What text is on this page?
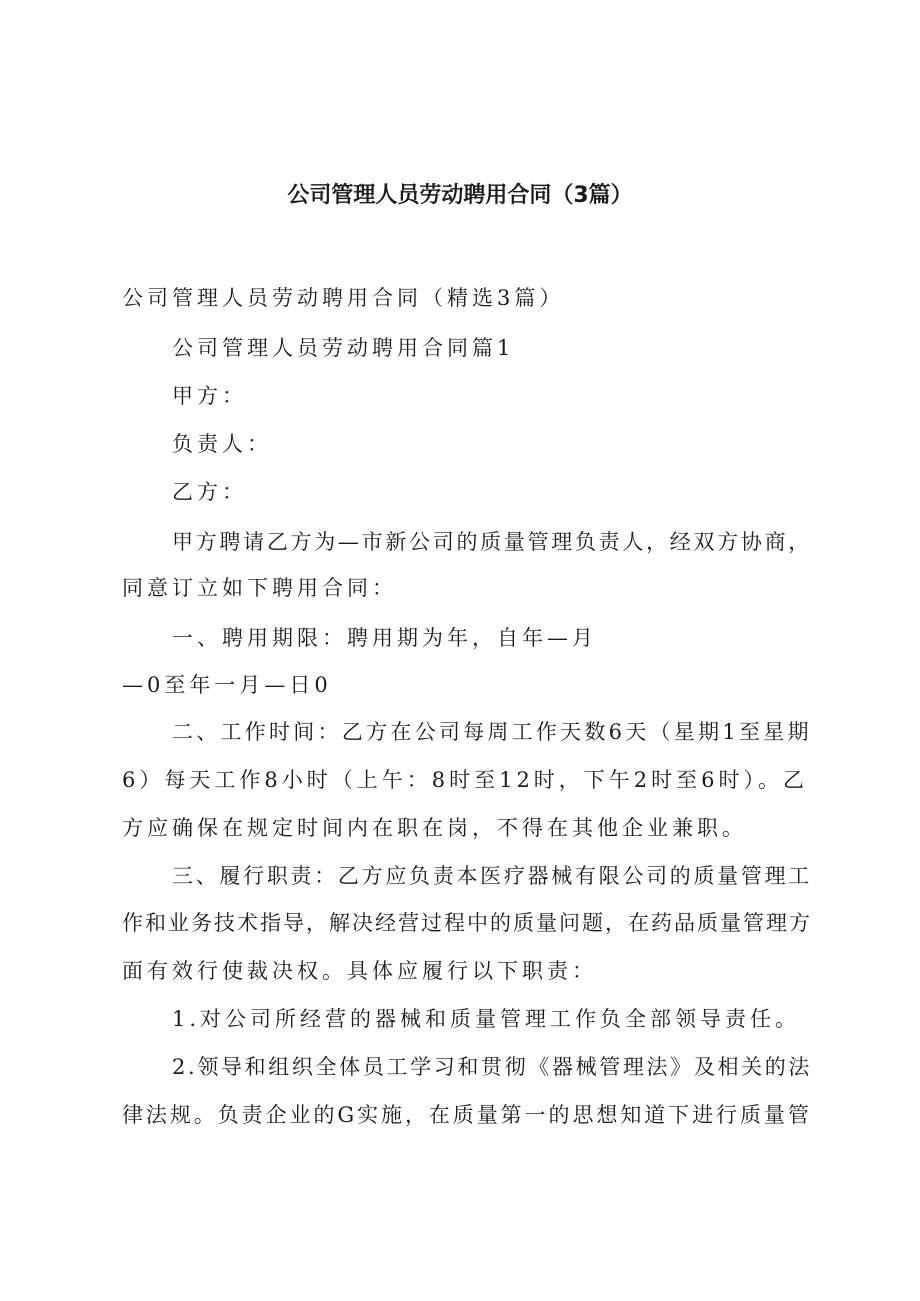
公司管理人员劳动聘用合同（3篇）
公司管理人员劳动聘用合同（精选3篇）
公司管理人员劳动聘用合同篇1
甲方：
负责人：
乙方：
甲方聘请乙方为—市新公司的质量管理负责人，经双方协商，
同意订立如下聘用合同：
一、聘用期限：聘用期为年，自年—月
—0至年一月—日0
二、工作时间：乙方在公司每周工作天数6天（星期1至星期
6）每天工作8小时（上午：8时至12时，下午2时至6时）。乙
方应确保在规定时间内在职在岗，不得在其他企业兼职。
三、履行职责：乙方应负责本医疗器械有限公司的质量管理工
作和业务技术指导，解决经营过程中的质量问题，在药品质量管理方
面有效行使裁决权。具体应履行以下职责：
1.对公司所经营的器械和质量管理工作负全部领导责任。
2.领导和组织全体员工学习和贯彻《器械管理法》及相关的法
律法规。负责企业的G实施，在质量第一的思想知道下进行质量管
